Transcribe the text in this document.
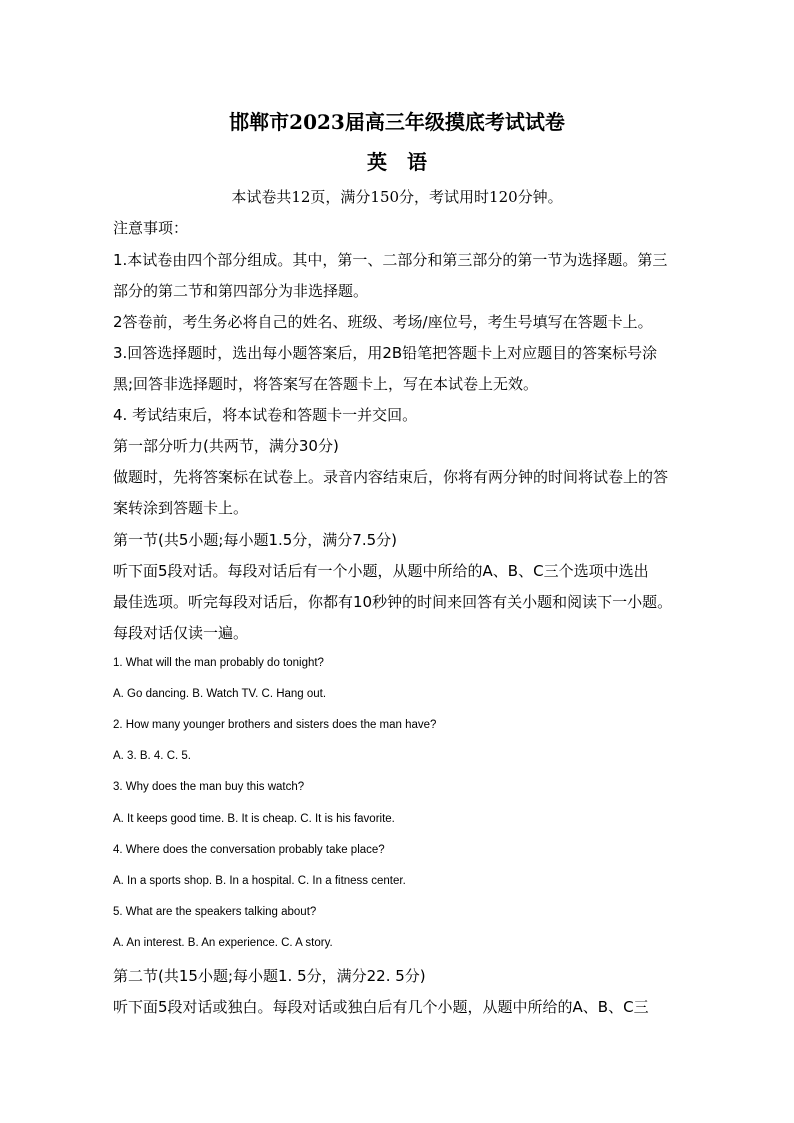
邯郸市2023届高三年级摸底考试试卷
英　语
本试卷共12页，满分150分，考试用时120分钟。
注意事项：
1.本试卷由四个部分组成。其中，第一、二部分和第三部分的第一节为选择题。第三
部分的第二节和第四部分为非选择题。
2答卷前，考生务必将自己的姓名、班级、考场/座位号，考生号填写在答题卡上。
3.回答选择题时，选出每小题答案后，用2B铅笔把答题卡上对应题目的答案标号涂
黑;回答非选择题时，将答案写在答题卡上，写在本试卷上无效。
4. 考试结束后，将本试卷和答题卡一并交回。
第一部分听力(共两节，满分30分)
做题时，先将答案标在试卷上。录音内容结束后，你将有两分钟的时间将试卷上的答
案转涂到答题卡上。
第一节(共5小题;每小题1.5分，满分7.5分)
听下面5段对话。每段对话后有一个小题，从题中所给的A、B、C三个选项中选出
最佳选项。听完每段对话后，你都有10秒钟的时间来回答有关小题和阅读下一小题。
每段对话仅读一遍。
1. What will the man probably do tonight?
A. Go dancing. B. Watch TV. C. Hang out.
2. How many younger brothers and sisters does the man have?
A. 3. B. 4. C. 5.
3. Why does the man buy this watch?
A. It keeps good time. B. It is cheap. C. It is his favorite.
4. Where does the conversation probably take place?
A. In a sports shop. B. In a hospital. C. In a fitness center.
5. What are the speakers talking about?
A. An interest. B. An experience. C. A story.
第二节(共15小题;每小题1. 5分，满分22. 5分)
听下面5段对话或独白。每段对话或独白后有几个小题，从题中所给的A、B、C三
